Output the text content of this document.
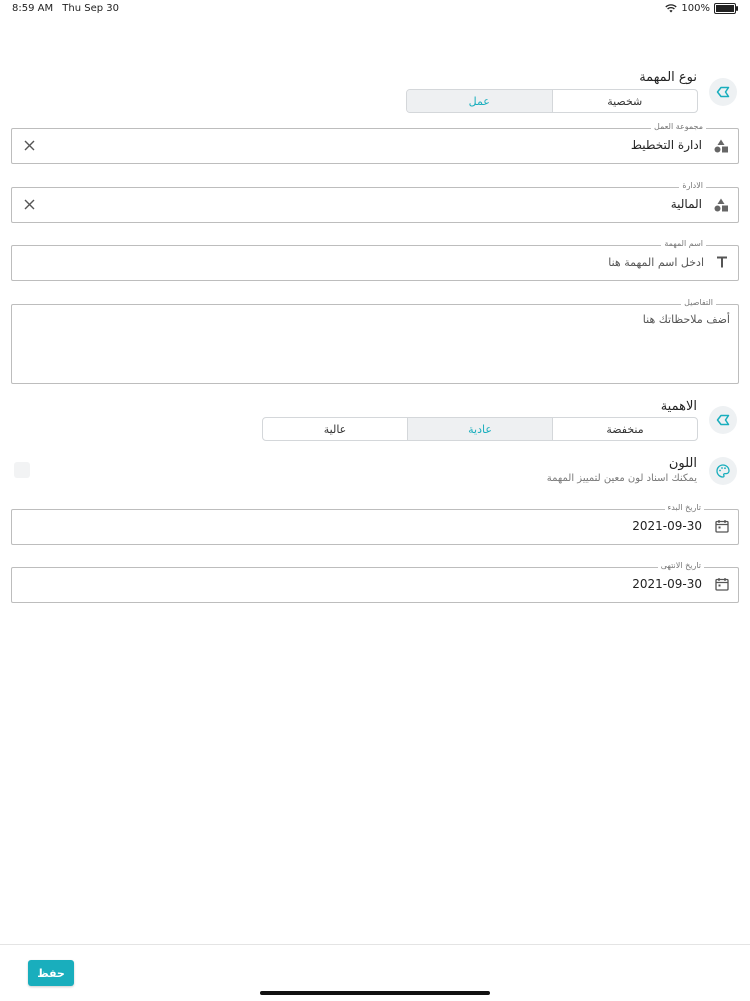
8:59 AM Thu Sep 30	100%
نوع المهمة
عمل	شخصية
مجموعة العمل
ادارة التخطيط
الادارة
المالية
اسم المهمة
ادخل اسم المهمة هنا
التفاصيل
أضف ملاحظاتك هنا
الاهمية
عالية	عادية	منخفضة
اللون
يمكنك اسناد لون معين لتمييز المهمة
تاريخ البدء
2021-09-30
تاريخ الانتهى
2021-09-30
حفظ
